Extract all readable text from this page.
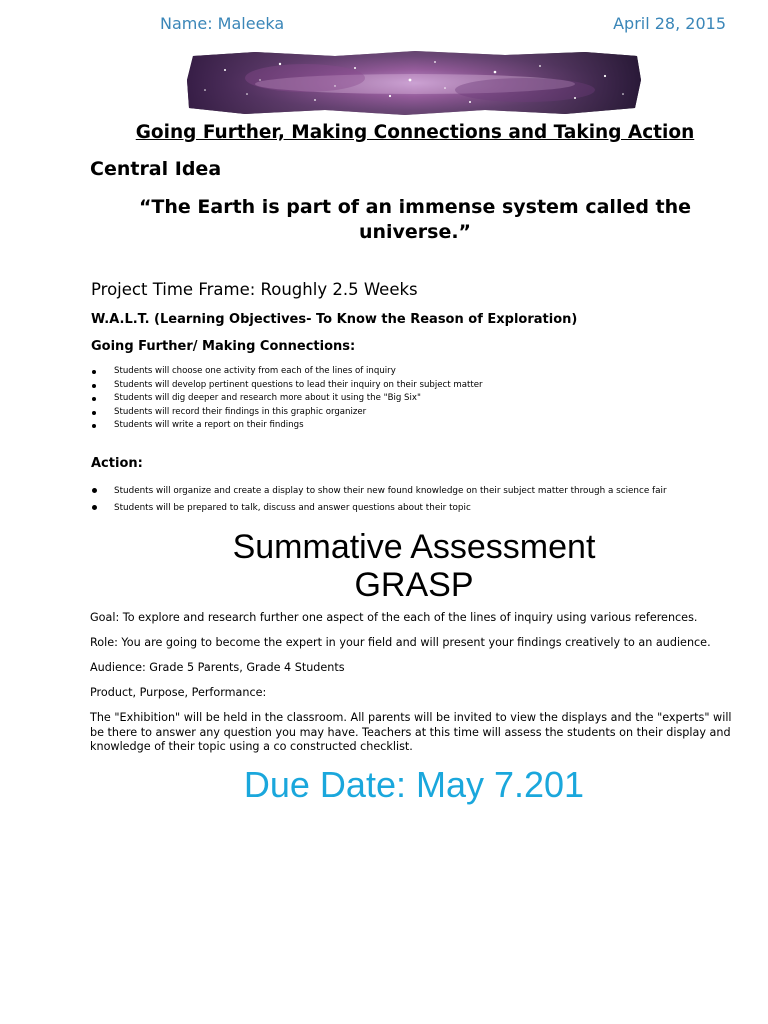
Name: Maleeka	April 28, 2015
Going Further, Making Connections and Taking Action
Central Idea
“The Earth is part of an immense system called the universe.”
Project Time Frame: Roughly 2.5 Weeks
W.A.L.T. (Learning Objectives- To Know the Reason of Exploration)
Going Further/ Making Connections:
Students will choose one activity from each of the lines of inquiry
Students will develop pertinent questions to lead their inquiry on their subject matter
Students will dig deeper and research more about it using the "Big Six"
Students will record their findings in this graphic organizer
Students will write a report on their findings
Action:
Students will organize and create a display to show their new found knowledge on their subject matter through a science fair
Students will be prepared to talk, discuss and answer questions about their topic
Summative Assessment
GRASP
Goal: To explore and research further one aspect of the each of the lines of inquiry using various references.
Role: You are going to become the expert in your field and will present your findings creatively to an audience.
Audience: Grade 5 Parents, Grade 4 Students
Product, Purpose, Performance:
The "Exhibition" will be held in the classroom. All parents will be invited to view the displays and the "experts" will be there to answer any question you may have. Teachers at this time will assess the students on their display and knowledge of their topic using a co constructed checklist.
Due Date: May 7.201
